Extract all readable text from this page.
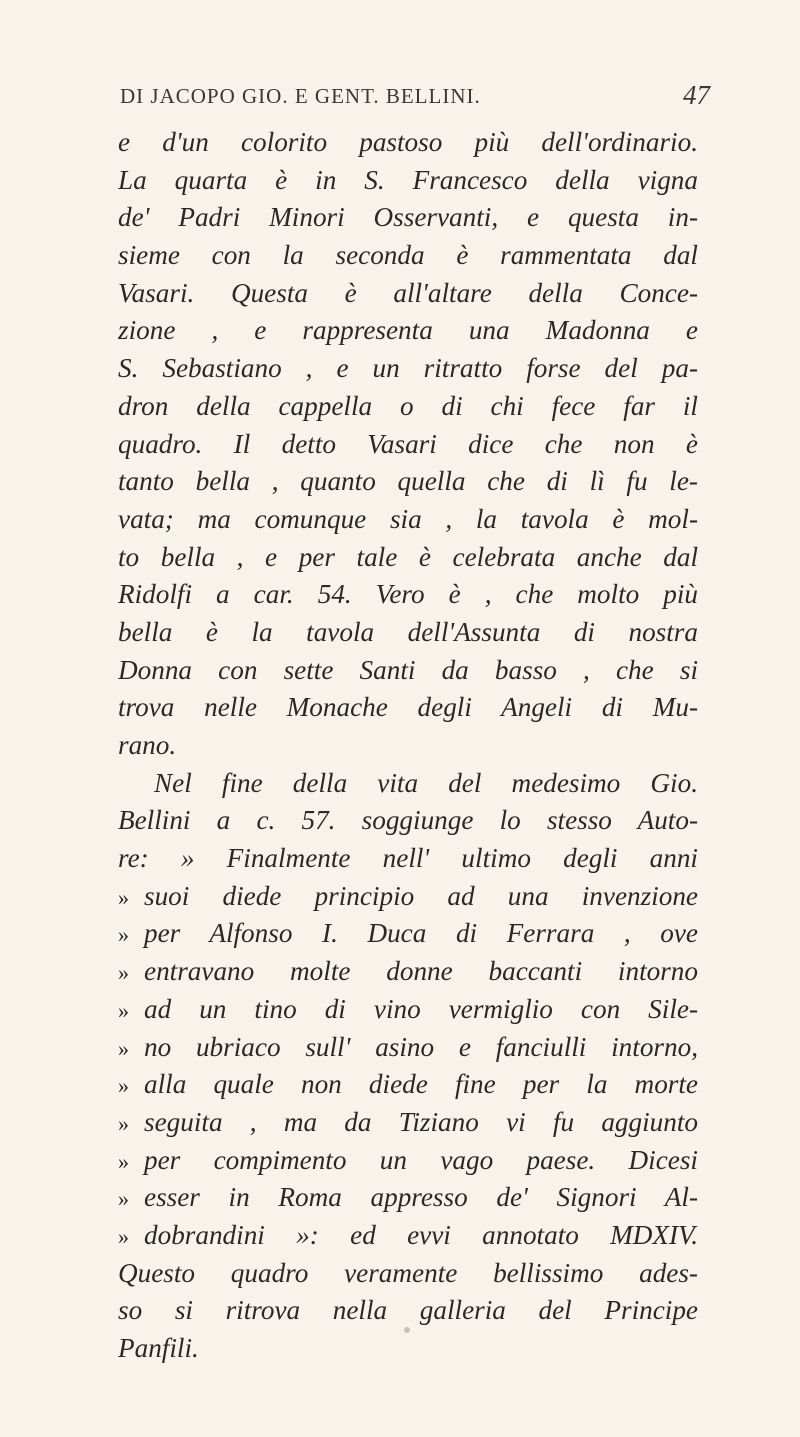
DI JACOPO GIO. E GENT. BELLINI.	47
e d'un colorito pastoso più dell'ordinario.
La quarta è in S. Francesco della vigna
de' Padri Minori Osservanti, e questa in-
sieme con la seconda è rammentata dal
Vasari. Questa è all'altare della Conce-
zione , e rappresenta una Madonna e
S. Sebastiano , e un ritratto forse del pa-
dron della cappella o di chi fece far il
quadro. Il detto Vasari dice che non è
tanto bella , quanto quella che di lì fu le-
vata; ma comunque sia , la tavola è mol-
to bella , e per tale è celebrata anche dal
Ridolfi a car. 54. Vero è , che molto più
bella è la tavola dell'Assunta di nostra
Donna con sette Santi da basso , che si
trova nelle Monache degli Angeli di Mu-
rano.
Nel fine della vita del medesimo Gio.
Bellini a c. 57. soggiunge lo stesso Auto-
re: » Finalmente nell' ultimo degli anni
» suoi diede principio ad una invenzione
» per Alfonso I. Duca di Ferrara , ove
» entravano molte donne baccanti intorno
» ad un tino di vino vermiglio con Sile-
» no ubriaco sull' asino e fanciulli intorno,
» alla quale non diede fine per la morte
» seguita , ma da Tiziano vi fu aggiunto
» per compimento un vago paese. Dicesi
» esser in Roma appresso de' Signori Al-
» dobrandini »: ed evvi annotato MDXIV.
Questo quadro veramente bellissimo ades-
so si ritrova nella galleria del Principe
Panfili.
